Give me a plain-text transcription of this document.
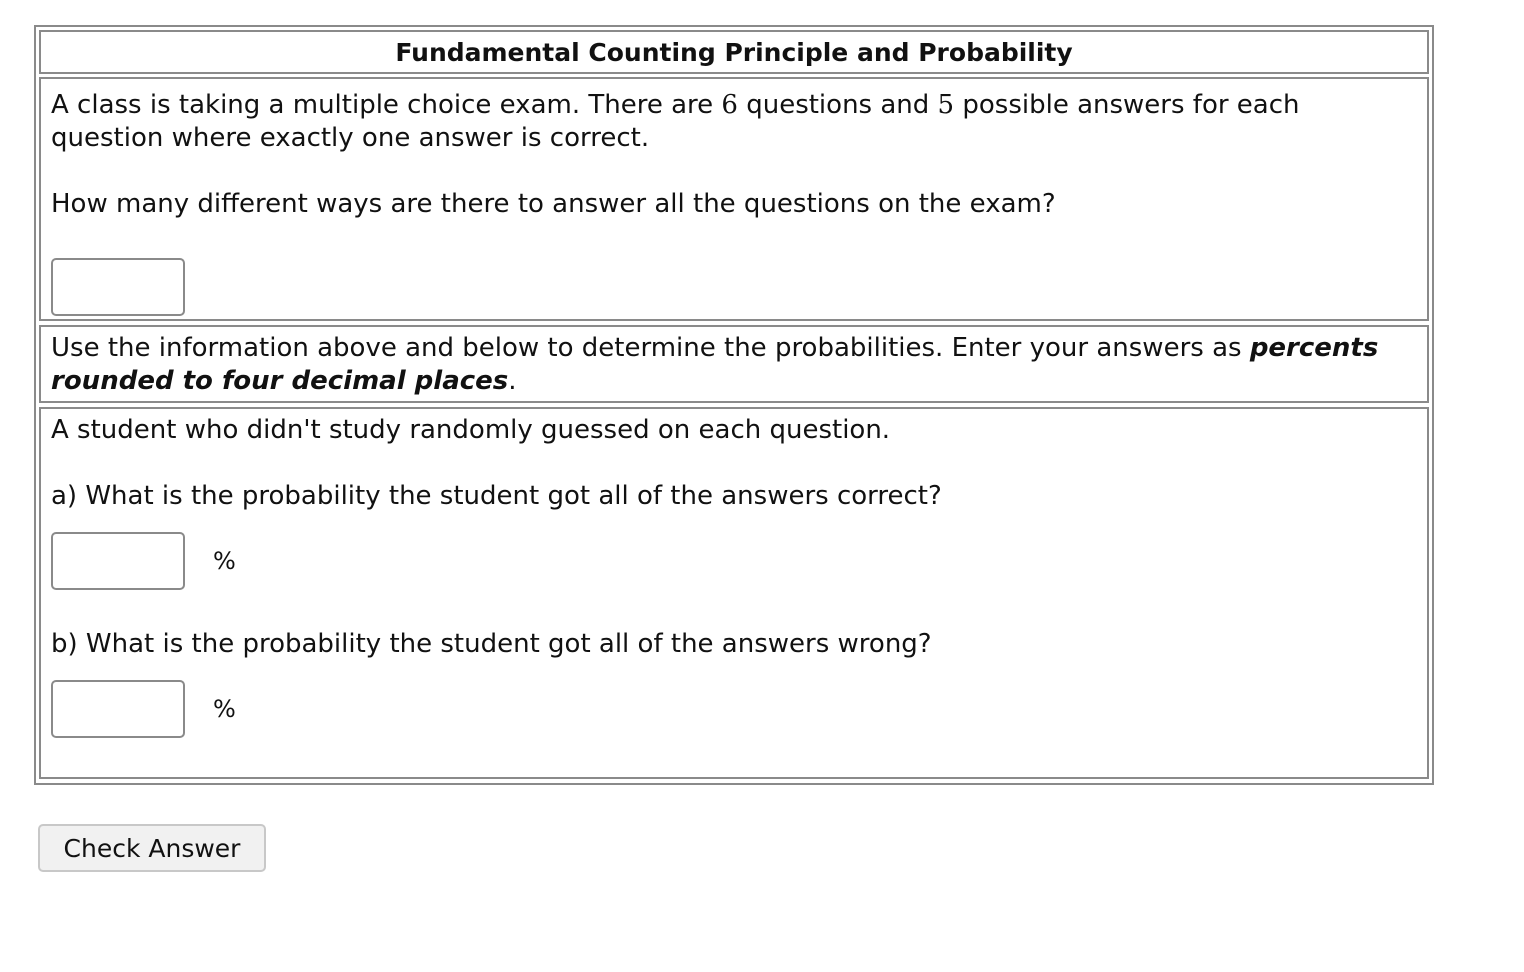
Fundamental Counting Principle and Probability

A class is taking a multiple choice exam. There are 6 questions and 5 possible answers for each question where exactly one answer is correct.

How many different ways are there to answer all the questions on the exam?

Use the information above and below to determine the probabilities. Enter your answers as percents rounded to four decimal places.

A student who didn't study randomly guessed on each question.

a) What is the probability the student got all of the answers correct?

%

b) What is the probability the student got all of the answers wrong?

%
Check Answer
